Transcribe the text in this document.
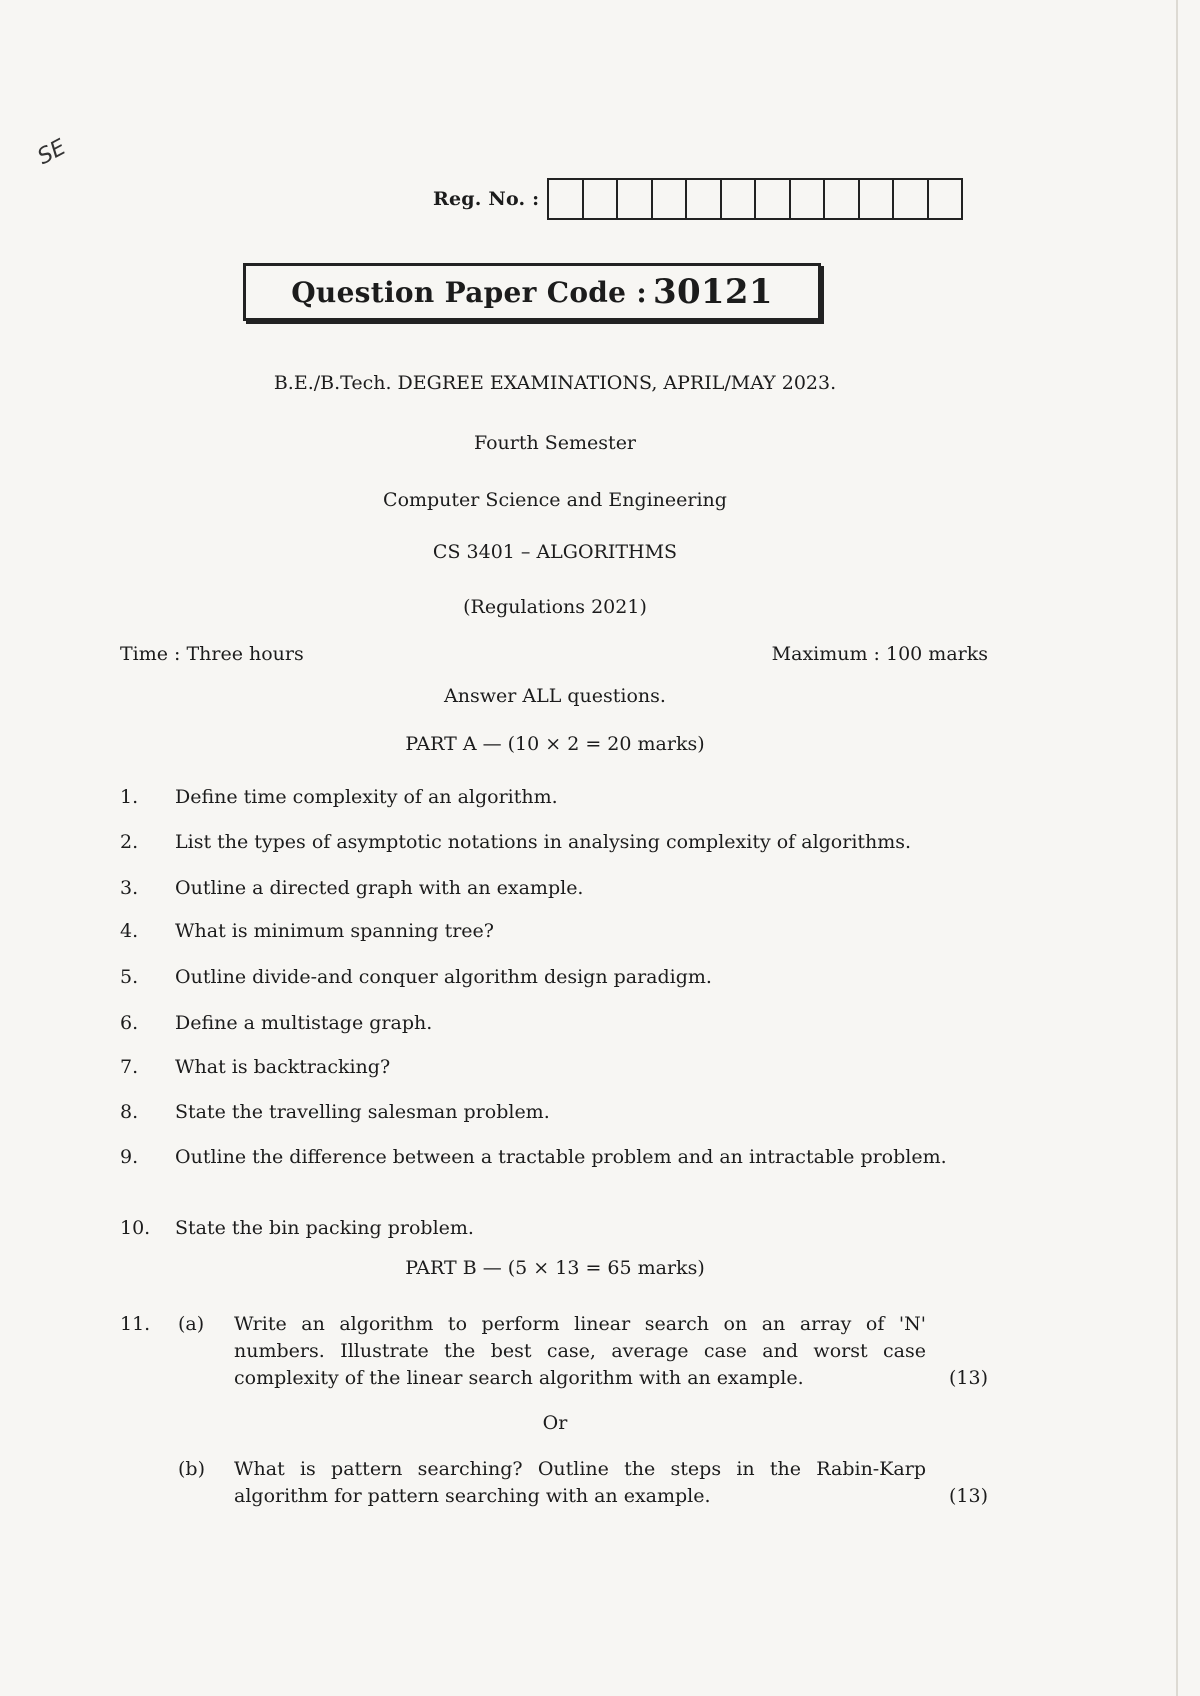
SE
Reg. No. :
Question Paper Code : 30121
B.E./B.Tech. DEGREE EXAMINATIONS, APRIL/MAY 2023.
Fourth Semester
Computer Science and Engineering
CS 3401 – ALGORITHMS
(Regulations 2021)
Time : Three hours	Maximum : 100 marks
Answer ALL questions.
PART A — (10 × 2 = 20 marks)
1.	Define time complexity of an algorithm.
2.	List the types of asymptotic notations in analysing complexity of algorithms.
3.	Outline a directed graph with an example.
4.	What is minimum spanning tree?
5.	Outline divide-and conquer algorithm design paradigm.
6.	Define a multistage graph.
7.	What is backtracking?
8.	State the travelling salesman problem.
9.	Outline the difference between a tractable problem and an intractable problem.
10.	State the bin packing problem.
PART B — (5 × 13 = 65 marks)
11. (a) Write an algorithm to perform linear search on an array of 'N' numbers. Illustrate the best case, average case and worst case complexity of the linear search algorithm with an example.	(13)
Or
(b) What is pattern searching? Outline the steps in the Rabin-Karp algorithm for pattern searching with an example.	(13)
